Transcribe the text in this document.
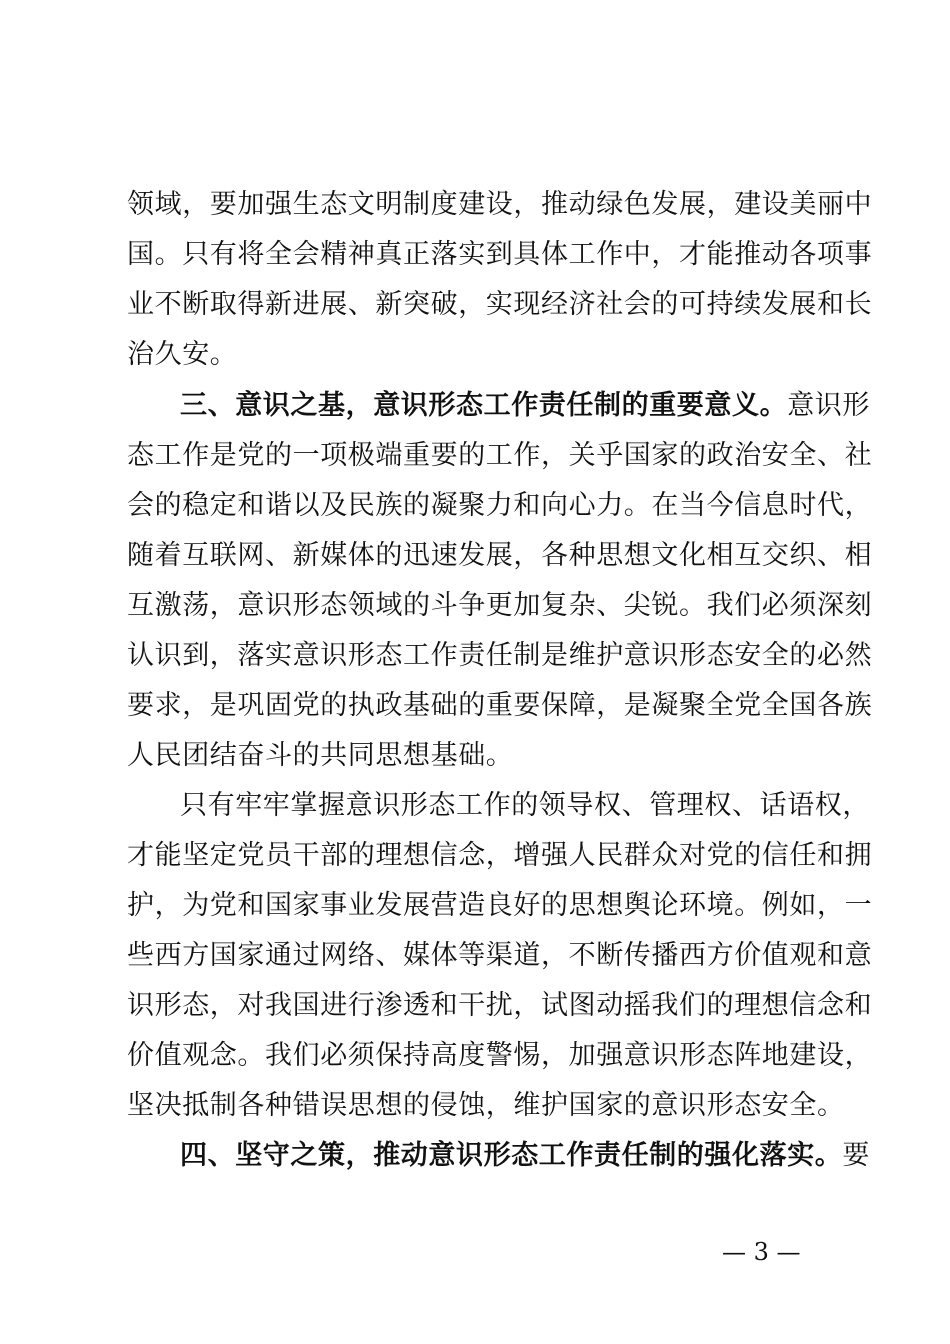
领域，要加强生态文明制度建设，推动绿色发展，建设美丽中
国。只有将全会精神真正落实到具体工作中，才能推动各项事
业不断取得新进展、新突破，实现经济社会的可持续发展和长
治久安。
三、意识之基，意识形态工作责任制的重要意义。意识形
态工作是党的一项极端重要的工作，关乎国家的政治安全、社
会的稳定和谐以及民族的凝聚力和向心力。在当今信息时代，
随着互联网、新媒体的迅速发展，各种思想文化相互交织、相
互激荡，意识形态领域的斗争更加复杂、尖锐。我们必须深刻
认识到，落实意识形态工作责任制是维护意识形态安全的必然
要求，是巩固党的执政基础的重要保障，是凝聚全党全国各族
人民团结奋斗的共同思想基础。
只有牢牢掌握意识形态工作的领导权、管理权、话语权，
才能坚定党员干部的理想信念，增强人民群众对党的信任和拥
护，为党和国家事业发展营造良好的思想舆论环境。例如，一
些西方国家通过网络、媒体等渠道，不断传播西方价值观和意
识形态，对我国进行渗透和干扰，试图动摇我们的理想信念和
价值观念。我们必须保持高度警惕，加强意识形态阵地建设，
坚决抵制各种错误思想的侵蚀，维护国家的意识形态安全。
四、坚守之策，推动意识形态工作责任制的强化落实。要
— 3 —
